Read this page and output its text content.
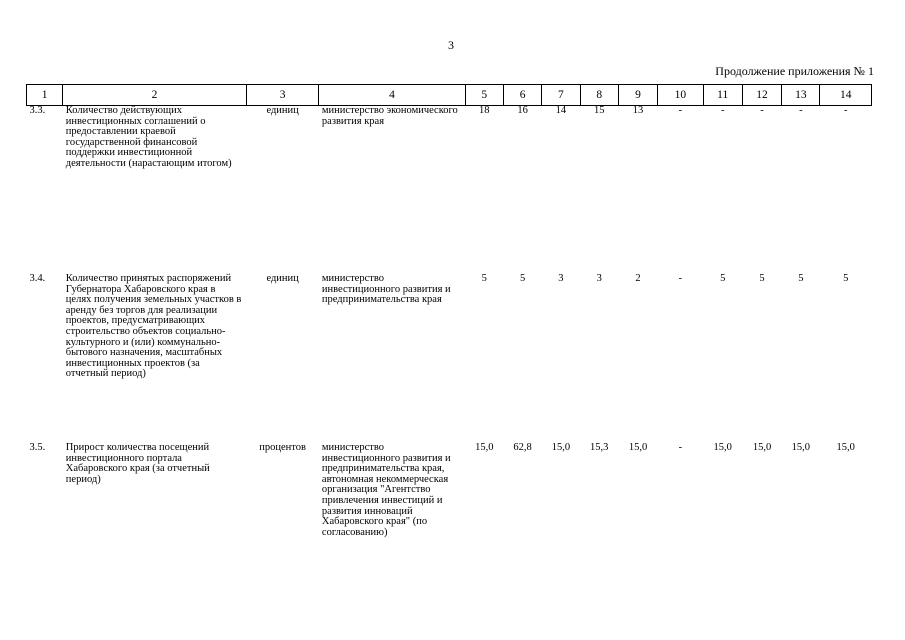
3
Продолжение приложения № 1
1	2	3	4	5	6	7	8	9	10	11	12	13	14
3.3.	Количество действующих инвестиционных соглашений о предоставлении краевой государственной финансовой поддержки инвестиционной деятельности (нарастающим итогом)	единиц	министерство экономического развития края	18	16	14	15	13	-	-	-	-	-
3.4.	Количество принятых распоряжений Губернатора Хабаровского края в целях получения земельных участков в аренду без торгов для реализации проектов, предусматривающих строительство объектов социально-культурного и (или) коммунально-бытового назначения, масштабных инвестиционных проектов (за отчетный период)	единиц	министерство инвестиционного развития и предпринимательства края	5	5	3	3	2	-	5	5	5	5
3.5.	Прирост количества посещений инвестиционного портала Хабаровского края (за отчетный период)	процентов	министерство инвестиционного развития и предпринимательства края, автономная некоммерческая организация "Агентство привлечения инвестиций и развития инноваций Хабаровского края" (по согласованию)	15,0	62,8	15,0	15,3	15,0	-	15,0	15,0	15,0	15,0
